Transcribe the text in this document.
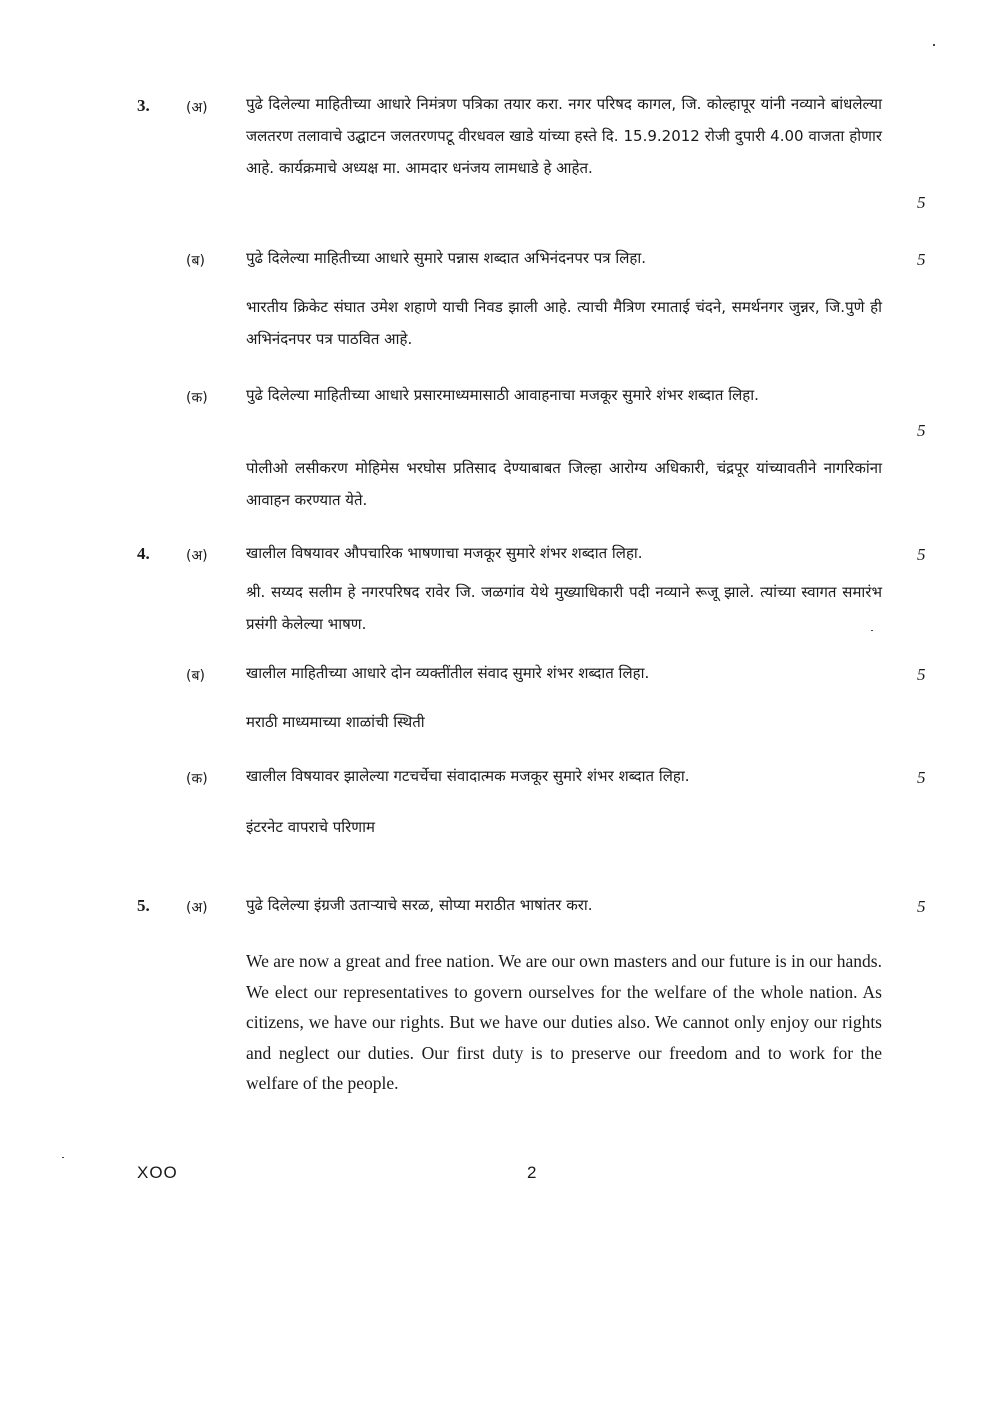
3.	(अ)	पुढे दिलेल्या माहितीच्या आधारे निमंत्रण पत्रिका तयार करा. नगर परिषद कागल, जि. कोल्हापूर यांनी नव्याने बांधलेल्या जलतरण तलावाचे उद्घाटन जलतरणपटू वीरधवल खाडे यांच्या हस्ते दि. 15.9.2012 रोजी दुपारी 4.00 वाजता होणार आहे. कार्यक्रमाचे अध्यक्ष मा. आमदार धनंजय लामधाडे हे आहेत.
5
(ब)	पुढे दिलेल्या माहितीच्या आधारे सुमारे पन्नास शब्दात अभिनंदनपर पत्र लिहा.	5
भारतीय क्रिकेट संघात उमेश शहाणे याची निवड झाली आहे. त्याची मैत्रिण रमाताई चंदने, समर्थनगर जुन्नर, जि.पुणे ही अभिनंदनपर पत्र पाठवित आहे.
(क)	पुढे दिलेल्या माहितीच्या आधारे प्रसारमाध्यमासाठी आवाहनाचा मजकूर सुमारे शंभर शब्दात लिहा.
5
पोलीओ लसीकरण मोहिमेस भरघोस प्रतिसाद देण्याबाबत जिल्हा आरोग्य अधिकारी, चंद्रपूर यांच्यावतीने नागरिकांना आवाहन करण्यात येते.
4.	(अ)	खालील विषयावर औपचारिक भाषणाचा मजकूर सुमारे शंभर शब्दात लिहा.	5
श्री. सय्यद सलीम हे नगरपरिषद रावेर जि. जळगांव येथे मुख्याधिकारी पदी नव्याने रूजू झाले. त्यांच्या स्वागत समारंभ प्रसंगी केलेल्या भाषण.
(ब)	खालील माहितीच्या आधारे दोन व्यक्तींतील संवाद सुमारे शंभर शब्दात लिहा.	5
मराठी माध्यमाच्या शाळांची स्थिती
(क)	खालील विषयावर झालेल्या गटचर्चेचा संवादात्मक मजकूर सुमारे शंभर शब्दात लिहा.	5
इंटरनेट वापराचे परिणाम
5.	(अ)	पुढे दिलेल्या इंग्रजी उताऱ्याचे सरळ, सोप्या मराठीत भाषांतर करा.	5
We are now a great and free nation. We are our own masters and our future is in our hands. We elect our representatives to govern ourselves for the welfare of the whole nation. As citizens, we have our rights. But we have our duties also. We cannot only enjoy our rights and neglect our duties. Our first duty is to preserve our freedom and to work for the welfare of the people.
XOO	2
